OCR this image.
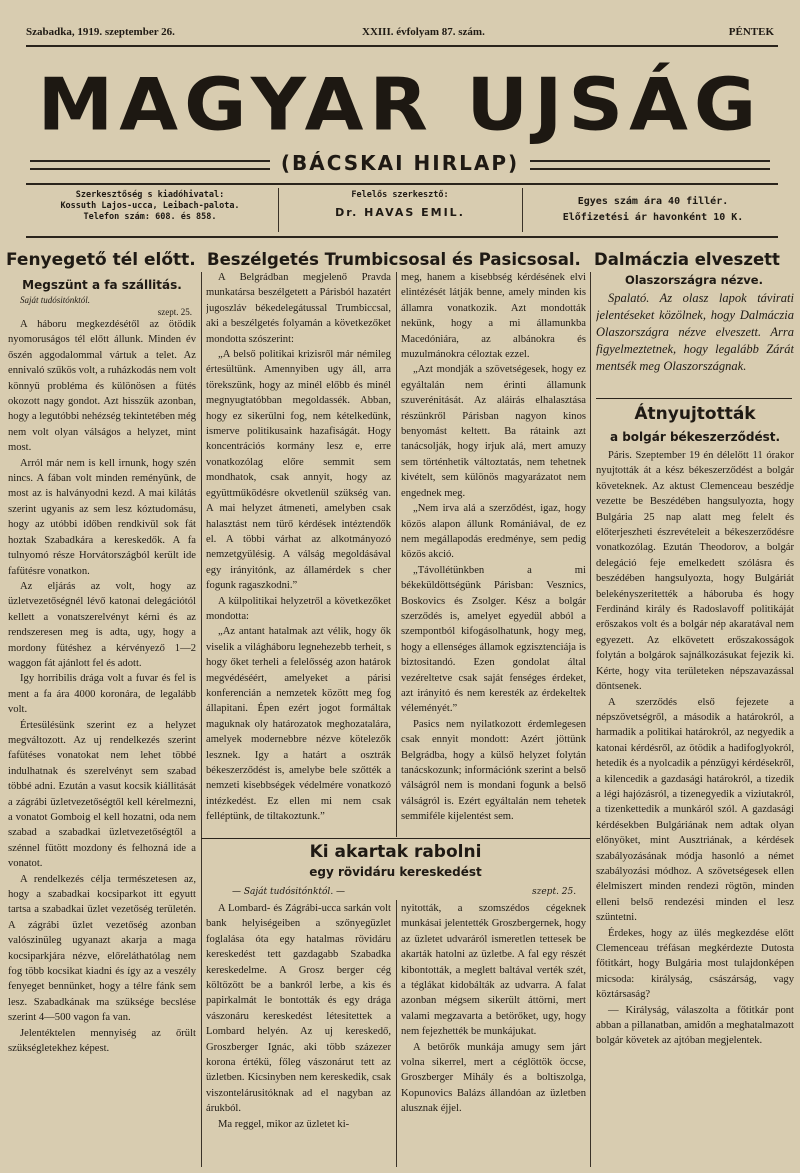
Szabadka, 1919. szeptember 26.	XXIII. évfolyam 87. szám.	PÉNTEK
MAGYAR UJSÁG
(BÁCSKAI HIRLAP)
Szerkesztőség s kiadóhivatal:
Kossuth Lajos-ucca, Leibach-palota.
Telefon szám: 608. és 858.
Felelős szerkesztő:
Dr. HAVAS EMIL.
Egyes szám ára 40 fillér.
Előfizetési ár havonként 10 K.
Fenyegető tél előtt. Beszélgetés Trumbicsosal és Pasicsosal. Dalmáczia elveszett
Megszünt a fa szállitás.
Saját tudósitónktól.
szept. 25.

A háboru megkezdésétől az ötödik nyomoruságos tél előtt állunk. Minden év őszén aggodalommal vártuk a telet. Az ennivaló szűkös volt, a ruházkodás nem volt könnyü probléma és különösen a fütés okozott nagy gondot. Azt hisszük azonban, hogy a legutóbbi nehézség tekintetében még nem volt olyan válságos a helyzet, mint most.

Arról már nem is kell irnunk, hogy szén nincs. A fában volt minden reményünk, de most az is halványodni kezd. A mai kilátás szerint ugyanis az sem lesz kóztudomásu, hogy az utóbbi időben rendkivül sok fát hoztak Szabadkára a kereskedők. A fa tulnyomó része Horvátországból került ide fafütésre vonatkon.

Az eljárás az volt, hogy az üzletvezetőségnél lévő katonai delegációtól kellett a vonatszerelvényt kérni és az rendszeresen meg is adta, ugy, hogy a mordony fütéshez a kérvényező 1—2 waggon fát ajánlott fel és adott.

Igy horribilis drága volt a fuvar és fel is ment a fa ára 4000 koronára, de legalább volt.

Értesülésünk szerint ez a helyzet megváltozott. Az uj rendelkezés szerint fafütéses vonatokat nem lehet többé indulhatnak és szerelvényt sem szabad többé adni. Ezután a vasut kocsik kiállitását a zágrábi üzletvezetőségtől kell kérelmezni, a vonatot Gomboig el kell hozatni, oda nem szabad a szabadkai üzletvezetőségtől a szénnel fütött mozdony és felhozná ide a vonatot.

A rendelkezés célja természetesen az, hogy a szabadkai kocsiparkot itt egyutt tartsa a szabadkai üzlet vezetőség területén. A zágrábi üzlet vezetőség azonban valószinüleg ugyanazt akarja a maga kocsiparkjára nézve, előreláthatólag nem fog több kocsikat kiadni és így az a veszély fenyeget bennünket, hogy a télre fánk sem lesz. Szabadkának ma szüksége becslése szerint 4—500 vagon fa van.

Jelentéktelen mennyiség az őrült szükségletekhez képest.

A Belgrádban megjelenő Pravda munkatársa beszélgetett a Párisból hazatért jugoszláv békedelegátussal Trumbiccsal, aki a beszélgetés folyamán a következőket mondotta szószerint:

„A belső politikai krizisről már némileg értesültünk. Amennyiben ugy áll, arra törekszünk, hogy az minél előbb és minél megnyugtatóbban megoldassék. Abban, hogy ez sikerülni fog, nem kételkedünk, ismerve politikusaink hazafiságát. Hogy koncentrációs kormány lesz e, erre vonatkozólag előre semmit sem mondhatok, csak annyit, hogy az együttműködésre okvetlenül szükség van. A mai helyzet átmeneti, amelyben csak halasztást nem türő kérdések intéztendők el. A többi várhat az alkotmányozó nemzetgyülésig. A válság megoldásával egy irányitónk, az államérdek s cher fogunk ragaszkodni.”

A külpolitikai helyzetről a következőket mondotta:

„Az antant hatalmak azt vélik, hogy ők viselik a világháboru legnehezebb terheit, s hogy őket terheli a felelősség azon határok megvédéséért, amelyeket a párisi konferencián a nemzetek között meg fog állapitani. Épen ezért jogot formáltak maguknak oly határozatok meghozatalára, amelyek modernebbre nézve kötelezők lesznek. Igy a határt a osztrák békeszerződést is, amelybe bele szőtték a nemzeti kisebbségek védelmére vonatkozó intézkedést. Ez ellen mi nem csak felléptünk, de tiltakoztunk.”

meg, hanem a kisebbség kérdésének elvi elintézését látják benne, amely minden kis államra vonatkozik. Azt mondották nekünk, hogy a mi államunkba Macedóniára, az albánokra és muzulmánokra céloztak ezzel.

„Azt mondják a szövetségesek, hogy ez egyáltalán nem érinti államunk szuverénitását. Az aláirás elhalasztása részünkről Párisban nagyon kinos benyomást keltett. Ba rátaink azt tanácsolják, hogy irjuk alá, mert amuzy sem történhetik változtatás, nem tehetnek kivételt, sem különös magyarázatot nem engednek meg.

„Nem irva alá a szerződést, igaz, hogy közös alapon állunk Romániával, de ez nem megállapodás eredménye, sem pedig közös akció.

„Távollétünkben a mi békeküldöttségünk Párisban: Vesznics, Boskovics és Zsolger. Kész a bolgár szerződés is, amelyet egyedül abból a szempontból kifogásolhatunk, hogy meg, hogy a ellenséges államok egzisztenciája is biztositandó. Ezen gondolat által vezéreltetve csak saját fenséges érdeket, azt irányitó és nem keresték az érdekeltek véleményét.”

Pasics nem nyilatkozott érdemlegesen csak ennyit mondott: Azért jöttünk Belgrádba, hogy a külső helyzet folytán tanácskozunk; információnk szerint a belső válságról nem is mondani fogunk a belső válságról is. Ezért egyáltalán nem tehetek semmiféle kijelentést sem.

Ki akartak rabolni
egy rövidáru kereskedést
— Saját tudósitónktól. —	szept. 25.

A Lombard- és Zágrábi-ucca sarkán volt bank helyiségeiben a szőnyegüzlet foglalása óta egy hatalmas rövidáru kereskedést tett gazdagabb Szabadka kereskedelme. A Grosz berger cég költözött be a bankról lerbe, a kis és papirkalmát le bontották és egy drága vászonáru kereskedést létesitettek a Lombard helyén. Az uj kereskedő, Groszberger Ignác, aki több százezer korona értékü, főleg vászonárut tett az üzletben. Kicsinyben nem kereskedik, csak viszontelárusitóknak ad el nagyban az árukból.

Ma reggel, mikor az üzletet ki-

nyitották, a szomszédos cégeknek munkásai jelentették Groszbergernek, hogy az üzletet udvaráról ismeretlen tettesek be akarták hatolni az üzletbe. A fal egy részét kibontották, a meglett baltával verték szét, a téglákat kidobálták az udvarra. A falat azonban mégsem sikerült áttörni, mert valami megzavarta a betörőket, ugy, hogy nem fejezhették be munkájukat.

A betörők munkája amugy sem járt volna sikerrel, mert a céglöttök öccse, Groszberger Mihály és a boltiszolga, Kopunovics Balázs állandóan az üzletben alusznak éjjel.

Olaszországra nézve.

Spalató. Az olasz lapok távirati jelentéseket közölnek, hogy Dalmáczia Olaszországra nézve elveszett. Arra figyelmeztetnek, hogy legalább Zárát mentsék meg Olaszországnak.

Átnyujtották
a bolgár békeszerződést.

Páris. Szeptember 19 én délelőtt 11 órakor nyujtották át a kész békeszerződést a bolgár követeknek. Az aktust Clemenceau beszédje vezette be Beszédében hangsulyozta, hogy Bulgária 25 nap alatt meg felelt és előterjeszheti észrevételeit a békeszerződésre vonatkozólag. Ezután Theodorov, a bolgár delegáció feje emelkedett szólásra és beszédében hangsulyozta, hogy Bulgáriát belekényszeritették a háboruba és hogy Ferdinánd király és Radoslavoff politikáját erőszakos volt és a bolgár nép akaratával nem egyezett. Az elkövetett erőszakosságok folytán a bolgárok sajnálkozásukat fejezik ki. Kérte, hogy vita területeken népszavazással döntsenek.

A szerződés első fejezete a népszövetségről, a második a határokról, a harmadik a politikai határokról, az negyedik a katonai kérdésről, az ötödik a hadifoglyokról, hetedik és a nyolcadik a pénzügyi kérdésekről, a kilencedik a gazdasági határokról, a tizedik a légi hajózásról, a tizenegyedik a viziutakról, a tizenkettedik a munkáról szól. A gazdasági kérdésekben Bulgáriának nem adtak olyan előnyöket, mint Ausztriának, a kérdések szabályozásának módja hasonló a német szabályozási módhoz. A szövetségesek ellen élelmiszert minden rendezi rögtön, minden elleni belső rendezési minden el lesz szüntetni.

Érdekes, hogy az ülés megkezdése előtt Clemenceau tréfásan megkérdezte Dutosta főtitkárt, hogy Bulgária most tulajdonképen micsoda: királyság, császárság, vagy köztársaság?

— Királyság, válaszolta a főtitkár pont abban a pillanatban, amidőn a meghatalmazott bolgár követek az ajtóban megjelentek.
